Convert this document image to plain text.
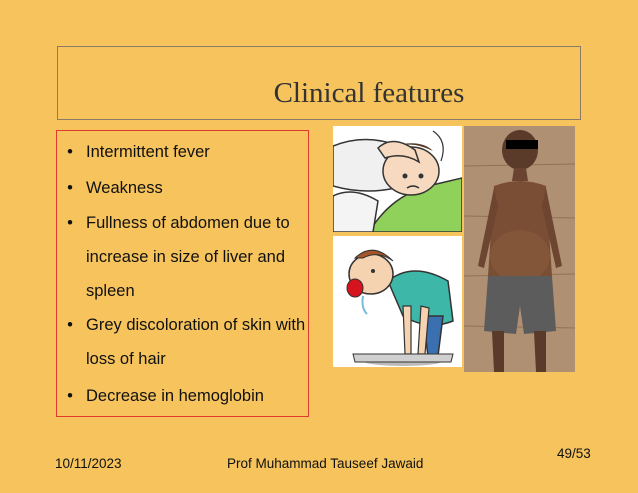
Clinical features
• Intermittent fever
• Weakness
• Fullness of abdomen due to increase in size of liver and spleen
• Grey discoloration of skin with loss of hair
• Decrease in hemoglobin
10/11/2023	Prof Muhammad Tauseef Jawaid
49/53
